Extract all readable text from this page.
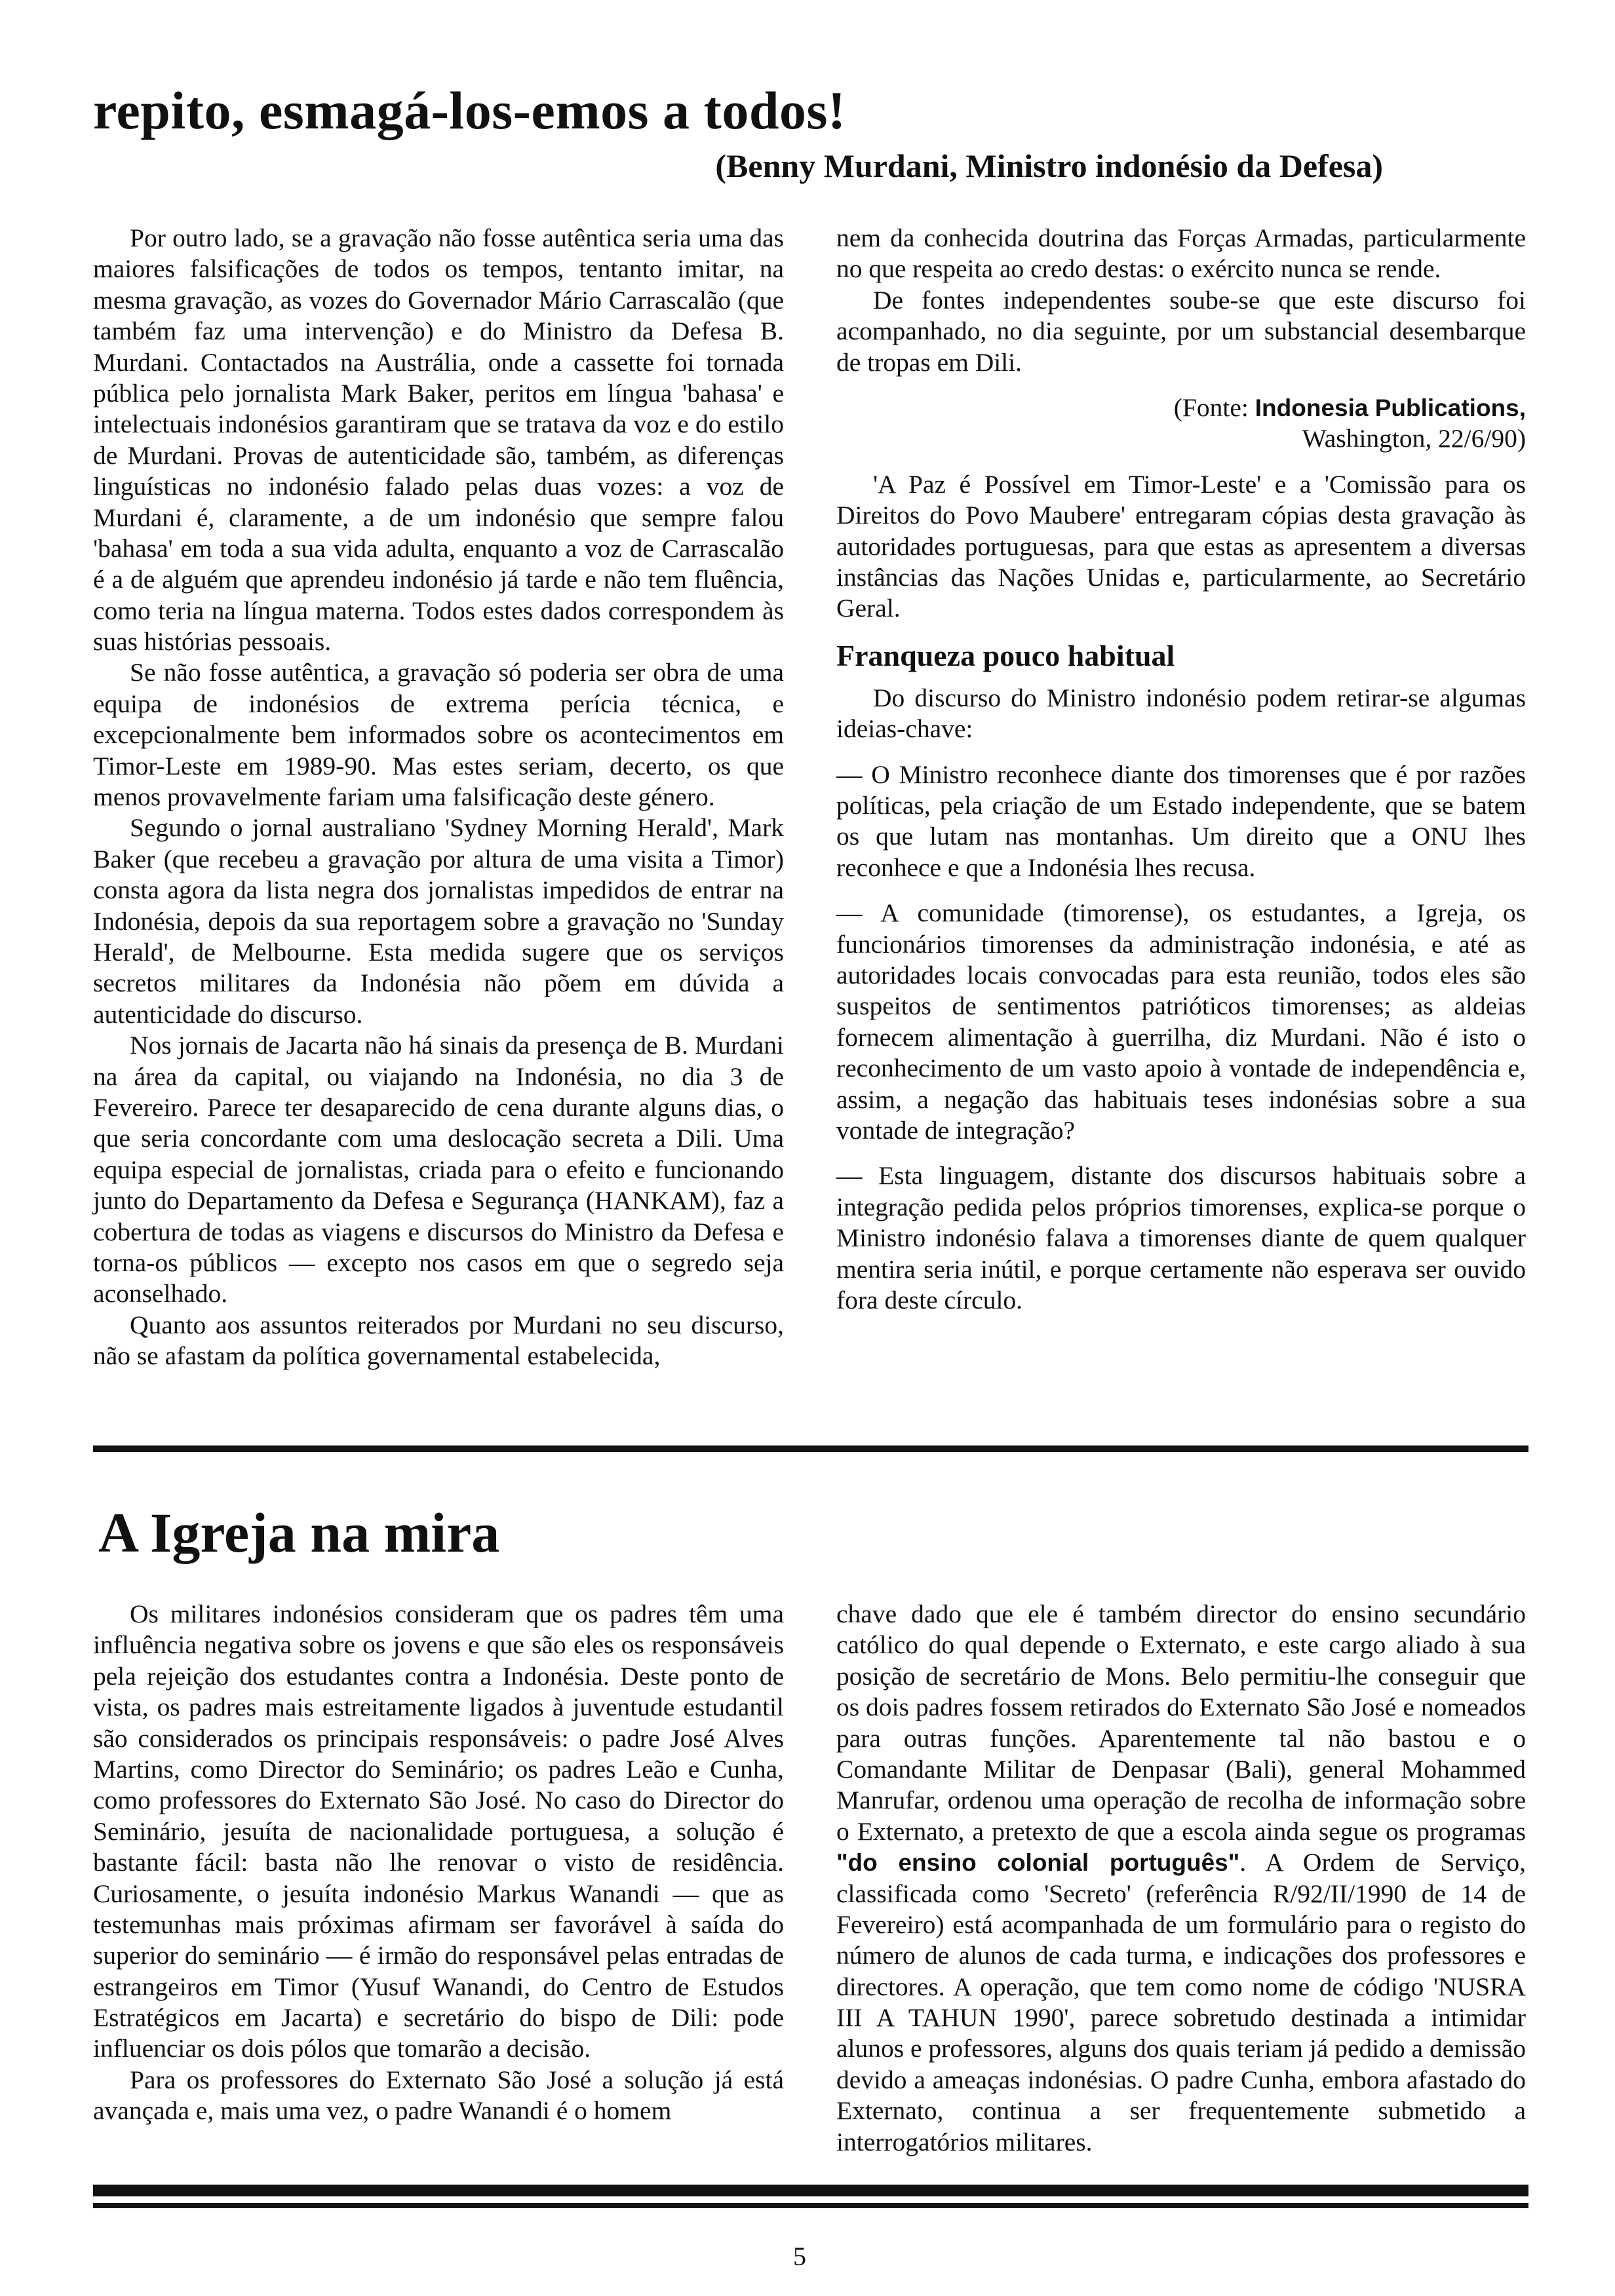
repito, esmagá-los-emos a todos!

(Benny Murdani, Ministro indonésio da Defesa)

Por outro lado, se a gravação não fosse autêntica seria uma das maiores falsificações de todos os tempos, tentanto imitar, na mesma gravação, as vozes do Governador Mário Carrascalão (que também faz uma intervenção) e do Ministro da Defesa B. Murdani. Contactados na Austrália, onde a cassette foi tornada pública pelo jornalista Mark Baker, peritos em língua 'bahasa' e intelectuais indonésios garantiram que se tratava da voz e do estilo de Murdani. Provas de autenticidade são, também, as diferenças linguísticas no indonésio falado pelas duas vozes: a voz de Murdani é, claramente, a de um indonésio que sempre falou 'bahasa' em toda a sua vida adulta, enquanto a voz de Carrascalão é a de alguém que aprendeu indonésio já tarde e não tem fluência, como teria na língua materna. Todos estes dados correspondem às suas histórias pessoais.

Se não fosse autêntica, a gravação só poderia ser obra de uma equipa de indonésios de extrema perícia técnica, e excepcionalmente bem informados sobre os acontecimentos em Timor-Leste em 1989-90. Mas estes seriam, decerto, os que menos provavelmente fariam uma falsificação deste género.

Segundo o jornal australiano 'Sydney Morning Herald', Mark Baker (que recebeu a gravação por altura de uma visita a Timor) consta agora da lista negra dos jornalistas impedidos de entrar na Indonésia, depois da sua reportagem sobre a gravação no 'Sunday Herald', de Melbourne. Esta medida sugere que os serviços secretos militares da Indonésia não põem em dúvida a autenticidade do discurso.

Nos jornais de Jacarta não há sinais da presença de B. Murdani na área da capital, ou viajando na Indonésia, no dia 3 de Fevereiro. Parece ter desaparecido de cena durante alguns dias, o que seria concordante com uma deslocação secreta a Dili. Uma equipa especial de jornalistas, criada para o efeito e funcionando junto do Departamento da Defesa e Segurança (HANKAM), faz a cobertura de todas as viagens e discursos do Ministro da Defesa e torna-os públicos — excepto nos casos em que o segredo seja aconselhado.

Quanto aos assuntos reiterados por Murdani no seu discurso, não se afastam da política governamental estabelecida,

nem da conhecida doutrina das Forças Armadas, particularmente no que respeita ao credo destas: o exército nunca se rende.

De fontes independentes soube-se que este discurso foi acompanhado, no dia seguinte, por um substancial desembarque de tropas em Dili.

(Fonte: Indonesia Publications,
Washington, 22/6/90)

'A Paz é Possível em Timor-Leste' e a 'Comissão para os Direitos do Povo Maubere' entregaram cópias desta gravação às autoridades portuguesas, para que estas as apresentem a diversas instâncias das Nações Unidas e, particularmente, ao Secretário Geral.

Franqueza pouco habitual

Do discurso do Ministro indonésio podem retirar-se algumas ideias-chave:

— O Ministro reconhece diante dos timorenses que é por razões políticas, pela criação de um Estado independente, que se batem os que lutam nas montanhas. Um direito que a ONU lhes reconhece e que a Indonésia lhes recusa.

— A comunidade (timorense), os estudantes, a Igreja, os funcionários timorenses da administração indonésia, e até as autoridades locais convocadas para esta reunião, todos eles são suspeitos de sentimentos patrióticos timorenses; as aldeias fornecem alimentação à guerrilha, diz Murdani. Não é isto o reconhecimento de um vasto apoio à vontade de independência e, assim, a negação das habituais teses indonésias sobre a sua vontade de integração?

— Esta linguagem, distante dos discursos habituais sobre a integração pedida pelos próprios timorenses, explica-se porque o Ministro indonésio falava a timorenses diante de quem qualquer mentira seria inútil, e porque certamente não esperava ser ouvido fora deste círculo.

A Igreja na mira

Os militares indonésios consideram que os padres têm uma influência negativa sobre os jovens e que são eles os responsáveis pela rejeição dos estudantes contra a Indonésia. Deste ponto de vista, os padres mais estreitamente ligados à juventude estudantil são considerados os principais responsáveis: o padre José Alves Martins, como Director do Seminário; os padres Leão e Cunha, como professores do Externato São José. No caso do Director do Seminário, jesuíta de nacionalidade portuguesa, a solução é bastante fácil: basta não lhe renovar o visto de residência. Curiosamente, o jesuíta indonésio Markus Wanandi — que as testemunhas mais próximas afirmam ser favorável à saída do superior do seminário — é irmão do responsável pelas entradas de estrangeiros em Timor (Yusuf Wanandi, do Centro de Estudos Estratégicos em Jacarta) e secretário do bispo de Dili: pode influenciar os dois pólos que tomarão a decisão.

Para os professores do Externato São José a solução já está avançada e, mais uma vez, o padre Wanandi é o homem

chave dado que ele é também director do ensino secundário católico do qual depende o Externato, e este cargo aliado à sua posição de secretário de Mons. Belo permitiu-lhe conseguir que os dois padres fossem retirados do Externato São José e nomeados para outras funções. Aparentemente tal não bastou e o Comandante Militar de Denpasar (Bali), general Mohammed Manrufar, ordenou uma operação de recolha de informação sobre o Externato, a pretexto de que a escola ainda segue os programas "do ensino colonial português". A Ordem de Serviço, classificada como 'Secreto' (referência R/92/II/1990 de 14 de Fevereiro) está acompanhada de um formulário para o registo do número de alunos de cada turma, e indicações dos professores e directores. A operação, que tem como nome de código 'NUSRA III A TAHUN 1990', parece sobretudo destinada a intimidar alunos e professores, alguns dos quais teriam já pedido a demissão devido a ameaças indonésias. O padre Cunha, embora afastado do Externato, continua a ser frequentemente submetido a interrogatórios militares.

5
